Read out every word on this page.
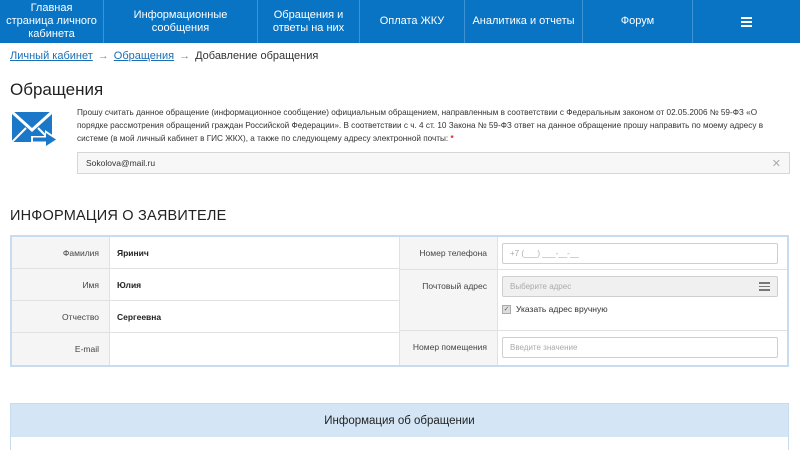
Главная страница личного кабинета
Информационные сообщения
Обращения и ответы на них
Оплата ЖКУ	Аналитика и отчеты	Форум
Личный кабинет → Обращения → Добавление обращения
Обращения
Прошу считать данное обращение (информационное сообщение) официальным обращением, направленным в соответствии с Федеральным законом от 02.05.2006 № 59-ФЗ «О порядке рассмотрения обращений граждан Российской Федерации». В соответствии с ч. 4 ст. 10 Закона № 59-ФЗ ответ на данное обращение прошу направить по моему адресу в системе (в мой личный кабинет в ГИС ЖКХ), а также по следующему адресу электронной почты: *
Sokolova@mail.ru	✕
ИНФОРМАЦИЯ О ЗАЯВИТЕЛЕ
Фамилия	Яринич
Имя	Юлия
Отчество	Сергеевна
E-mail
Номер телефона	+7 (___) ___-__-__
Почтовый адрес	Выберите адрес
✓ Указать адрес вручную
Номер помещения	Введите значение
Информация об обращении
